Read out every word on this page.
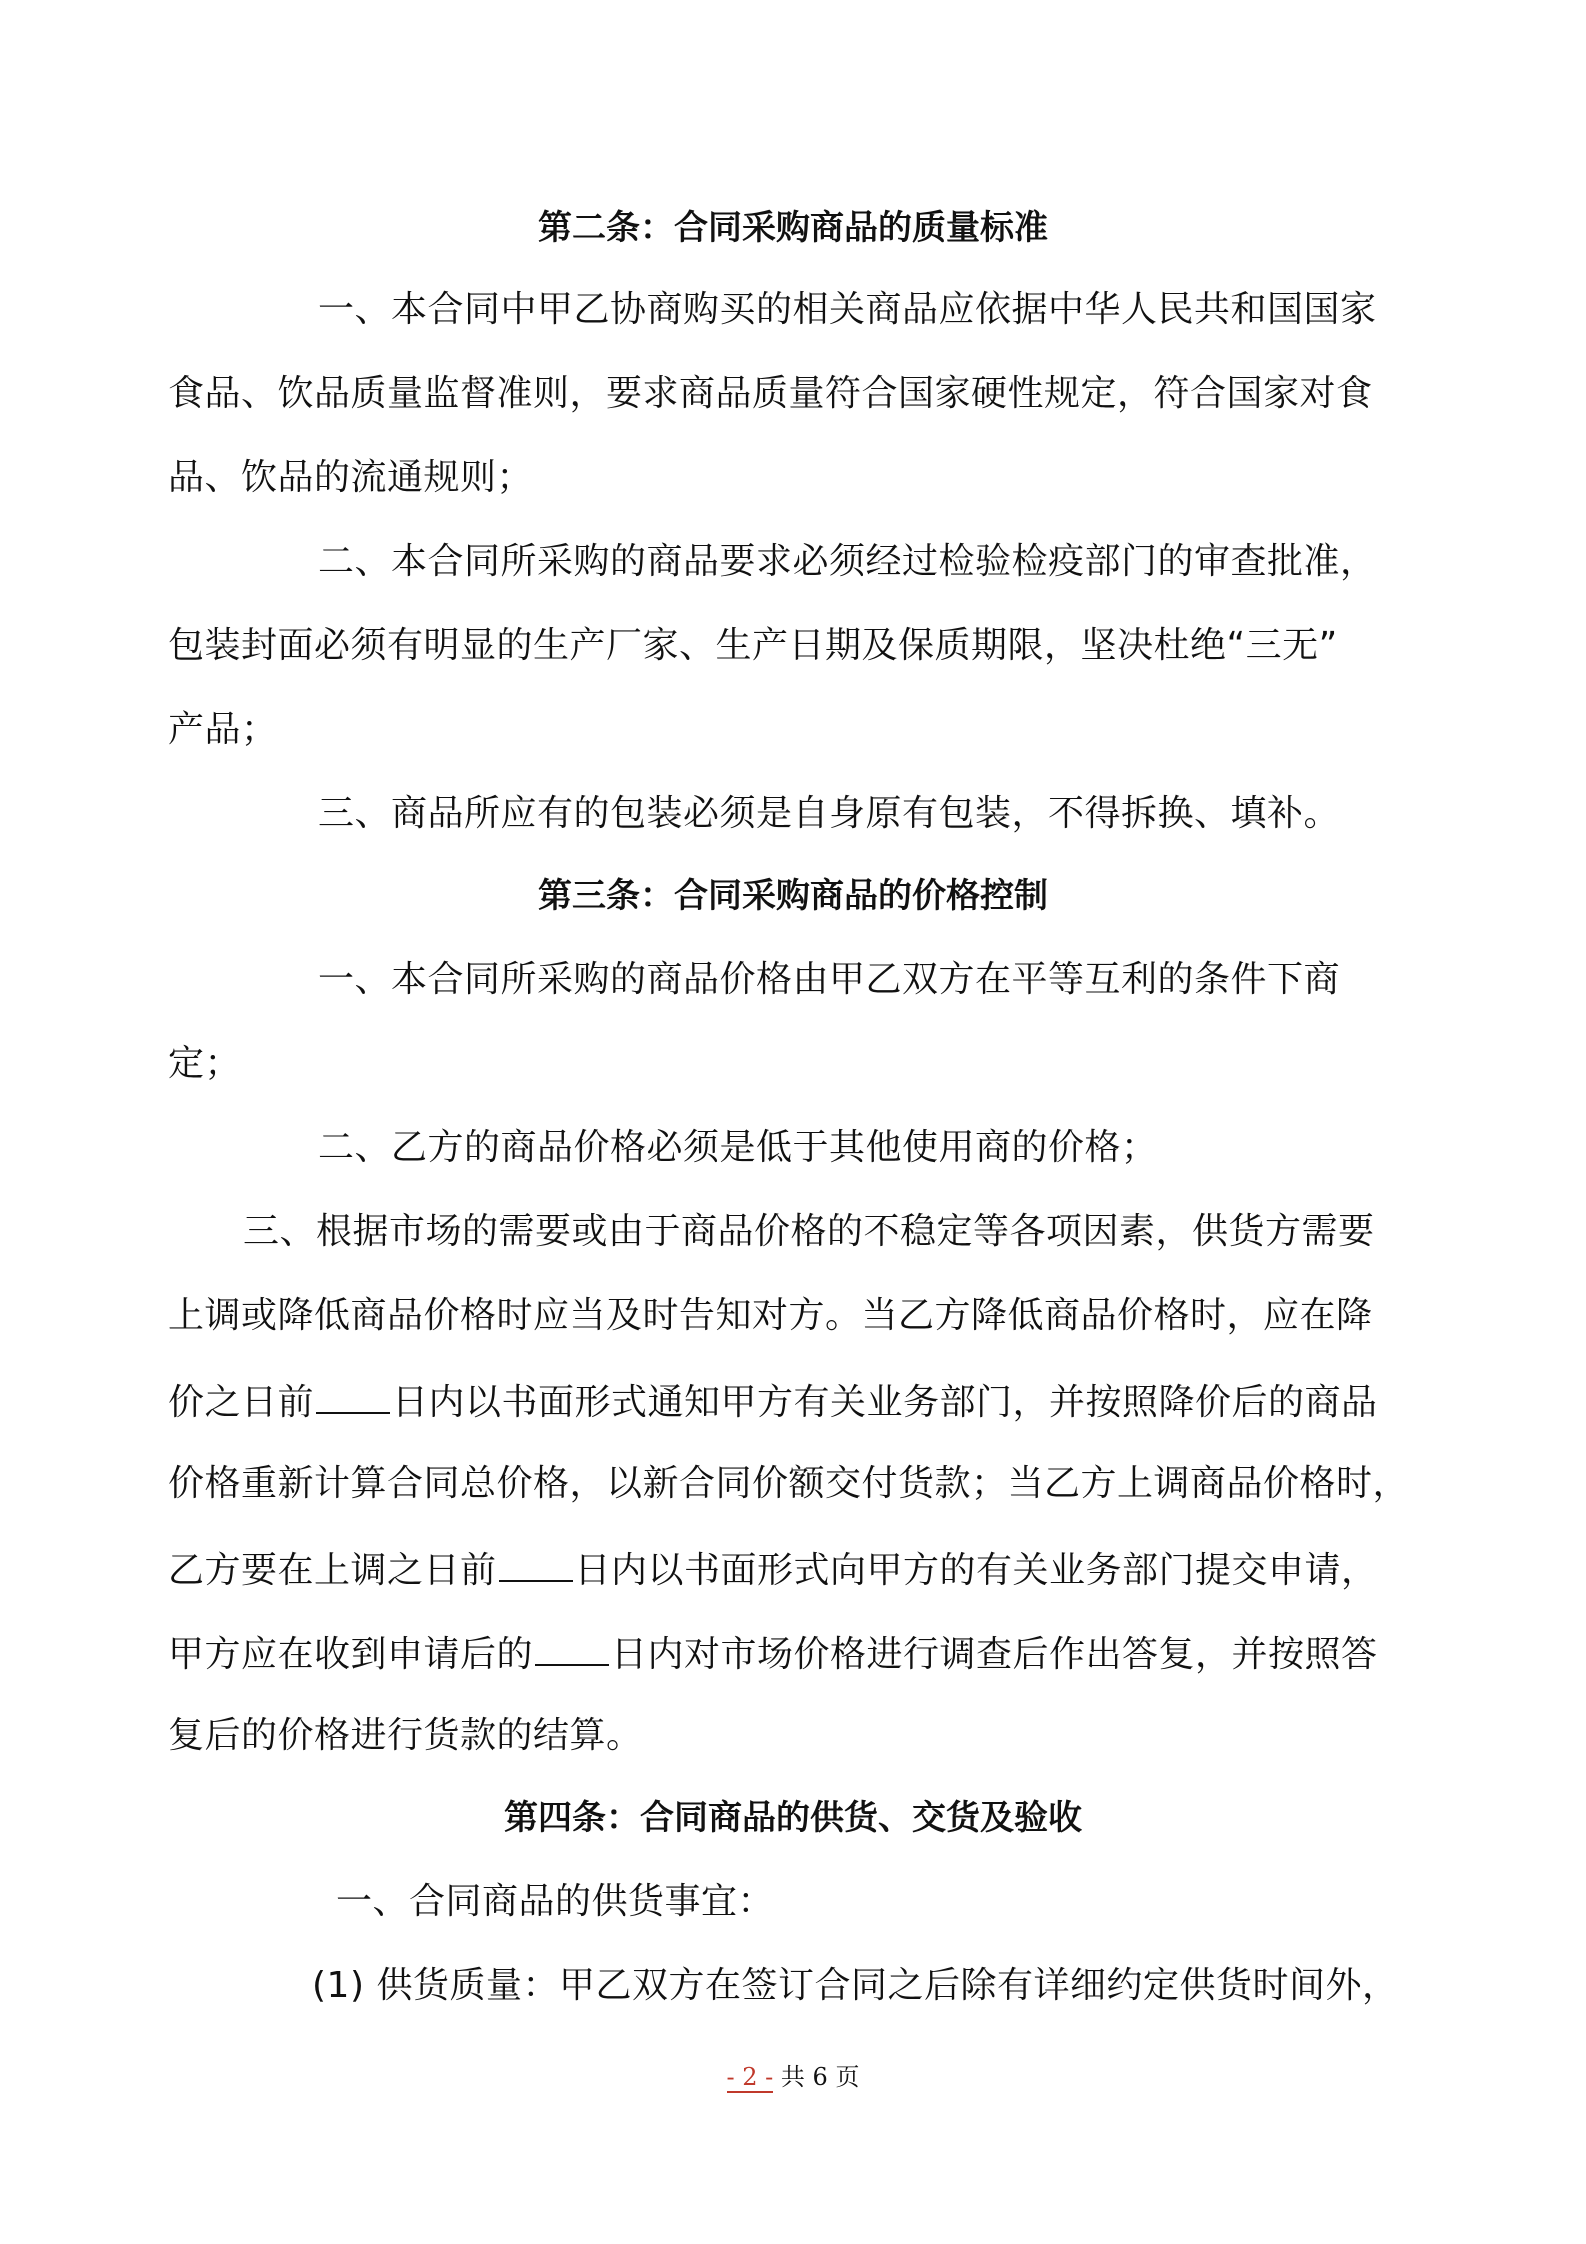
第二条：合同采购商品的质量标准
一、本合同中甲乙协商购买的相关商品应依据中华人民共和国国家
食品、饮品质量监督准则，要求商品质量符合国家硬性规定，符合国家对食
品、饮品的流通规则；
二、本合同所采购的商品要求必须经过检验检疫部门的审查批准，
包装封面必须有明显的生产厂家、生产日期及保质期限，坚决杜绝“三无”
产品；
三、商品所应有的包装必须是自身原有包装，不得拆换、填补。
第三条：合同采购商品的价格控制
一、本合同所采购的商品价格由甲乙双方在平等互利的条件下商
定；
二、乙方的商品价格必须是低于其他使用商的价格；
三、根据市场的需要或由于商品价格的不稳定等各项因素，供货方需要
上调或降低商品价格时应当及时告知对方。当乙方降低商品价格时，应在降
价之日前 日内以书面形式通知甲方有关业务部门，并按照降价后的商品
价格重新计算合同总价格，以新合同价额交付货款；当乙方上调商品价格时，
乙方要在上调之日前 日内以书面形式向甲方的有关业务部门提交申请，
甲方应在收到申请后的 日内对市场价格进行调查后作出答复，并按照答
复后的价格进行货款的结算。
第四条：合同商品的供货、交货及验收
一、合同商品的供货事宜：
(1) 供货质量：甲乙双方在签订合同之后除有详细约定供货时间外，
- 2 - 共 6 页
